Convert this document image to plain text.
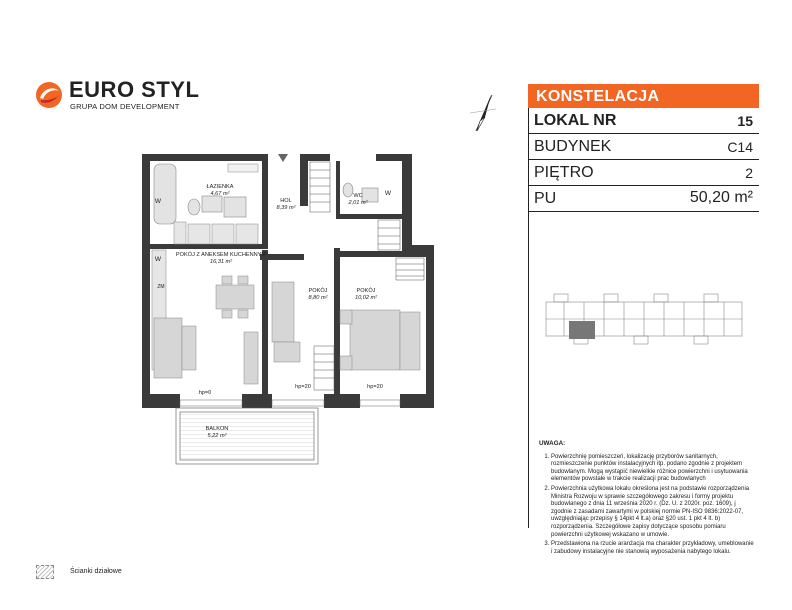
EURO STYL
GRUPA DOM DEVELOPMENT
ŁAZIENKA
4,67 m²
HOL
8,39 m²
WC
2,01 m²
POKÓJ Z ANEKSEM KUCHENNYM
16,31 m²
POKÓJ
8,80 m²
POKÓJ
10,02 m²
BALKON
5,22 m²
hp=0
hp=20	hp=20
W
W
W
ZM
KONSTELACJA
LOKAL NR	15
BUDYNEK	C14
PIĘTRO	2
PU	50,20 m²
UWAGA:
1. Powierzchnię pomieszczeń, lokalizację przyborów sanitarnych, rozmieszczenie punktów instalacyjnych itp. podano zgodnie z projektem budowlanym. Mogą wystąpić niewielkie różnice powierzchni i usytuowania elementów powstałe w trakcie realizacji prac budowlanych
2. Powierzchnia użytkowa lokalu określona jest na podstawie rozporządzenia Ministra Rozwoju w sprawie szczegółowego zakresu i formy projektu budowlanego z dnia 11 września 2020 r. (Dz. U. z 2020r. poz. 1609), j zgodnie z zasadami zawartymi w polskiej normie PN-ISO 9836:2022-07, uwzględniając przepisy § 14pkt 4 lt.a) oraz §20 ust. 1 pkt 4 lt. b) rozporządzenia. Szczegółowe zapisy dotyczące sposobu pomiaru powierzchni użytkowej wskazano w umowie.
3. Przedstawiona na rzucie aranżacja ma charakter przykładowy, umeblowanie i zabudowy instalacyjne nie stanowią wyposażenia nabytego lokalu.
Ścianki działowe
